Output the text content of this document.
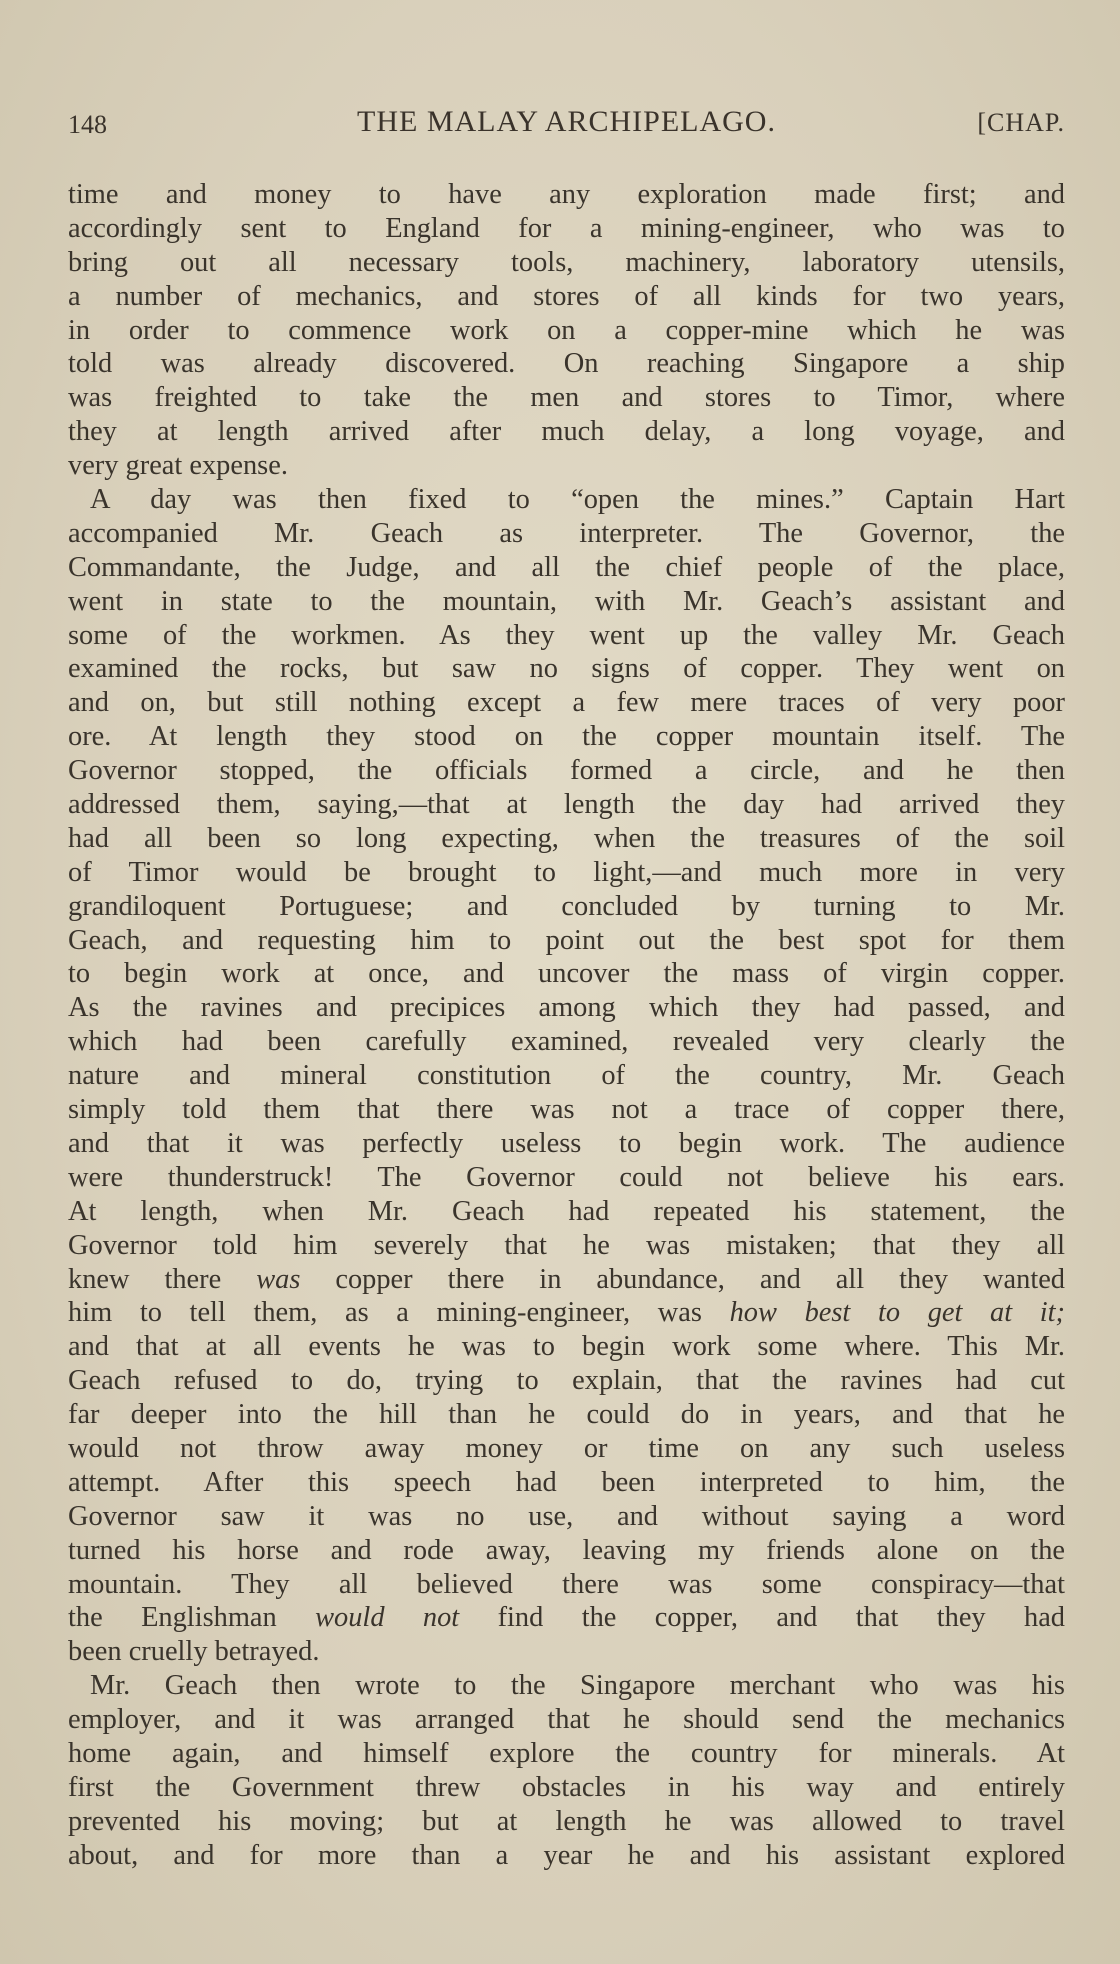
148	THE MALAY ARCHIPELAGO.	[CHAP.
time and money to have any exploration made first; and
accordingly sent to England for a mining-engineer, who was to
bring out all necessary tools, machinery, laboratory utensils,
a number of mechanics, and stores of all kinds for two years,
in order to commence work on a copper-mine which he was
told was already discovered. On reaching Singapore a ship
was freighted to take the men and stores to Timor, where
they at length arrived after much delay, a long voyage, and
very great expense.
A day was then fixed to “open the mines.” Captain Hart
accompanied Mr. Geach as interpreter. The Governor, the
Commandante, the Judge, and all the chief people of the place,
went in state to the mountain, with Mr. Geach’s assistant and
some of the workmen. As they went up the valley Mr. Geach
examined the rocks, but saw no signs of copper. They went on
and on, but still nothing except a few mere traces of very poor
ore. At length they stood on the copper mountain itself. The
Governor stopped, the officials formed a circle, and he then
addressed them, saying,—that at length the day had arrived they
had all been so long expecting, when the treasures of the soil
of Timor would be brought to light,—and much more in very
grandiloquent Portuguese; and concluded by turning to Mr.
Geach, and requesting him to point out the best spot for them
to begin work at once, and uncover the mass of virgin copper.
As the ravines and precipices among which they had passed, and
which had been carefully examined, revealed very clearly the
nature and mineral constitution of the country, Mr. Geach
simply told them that there was not a trace of copper there,
and that it was perfectly useless to begin work. The audience
were thunderstruck! The Governor could not believe his ears.
At length, when Mr. Geach had repeated his statement, the
Governor told him severely that he was mistaken; that they all
knew there was copper there in abundance, and all they wanted
him to tell them, as a mining-engineer, was how best to get at it;
and that at all events he was to begin work some where. This Mr.
Geach refused to do, trying to explain, that the ravines had cut
far deeper into the hill than he could do in years, and that he
would not throw away money or time on any such useless
attempt. After this speech had been interpreted to him, the
Governor saw it was no use, and without saying a word
turned his horse and rode away, leaving my friends alone on the
mountain. They all believed there was some conspiracy—that
the Englishman would not find the copper, and that they had
been cruelly betrayed.
Mr. Geach then wrote to the Singapore merchant who was his
employer, and it was arranged that he should send the mechanics
home again, and himself explore the country for minerals. At
first the Government threw obstacles in his way and entirely
prevented his moving; but at length he was allowed to travel
about, and for more than a year he and his assistant explored
